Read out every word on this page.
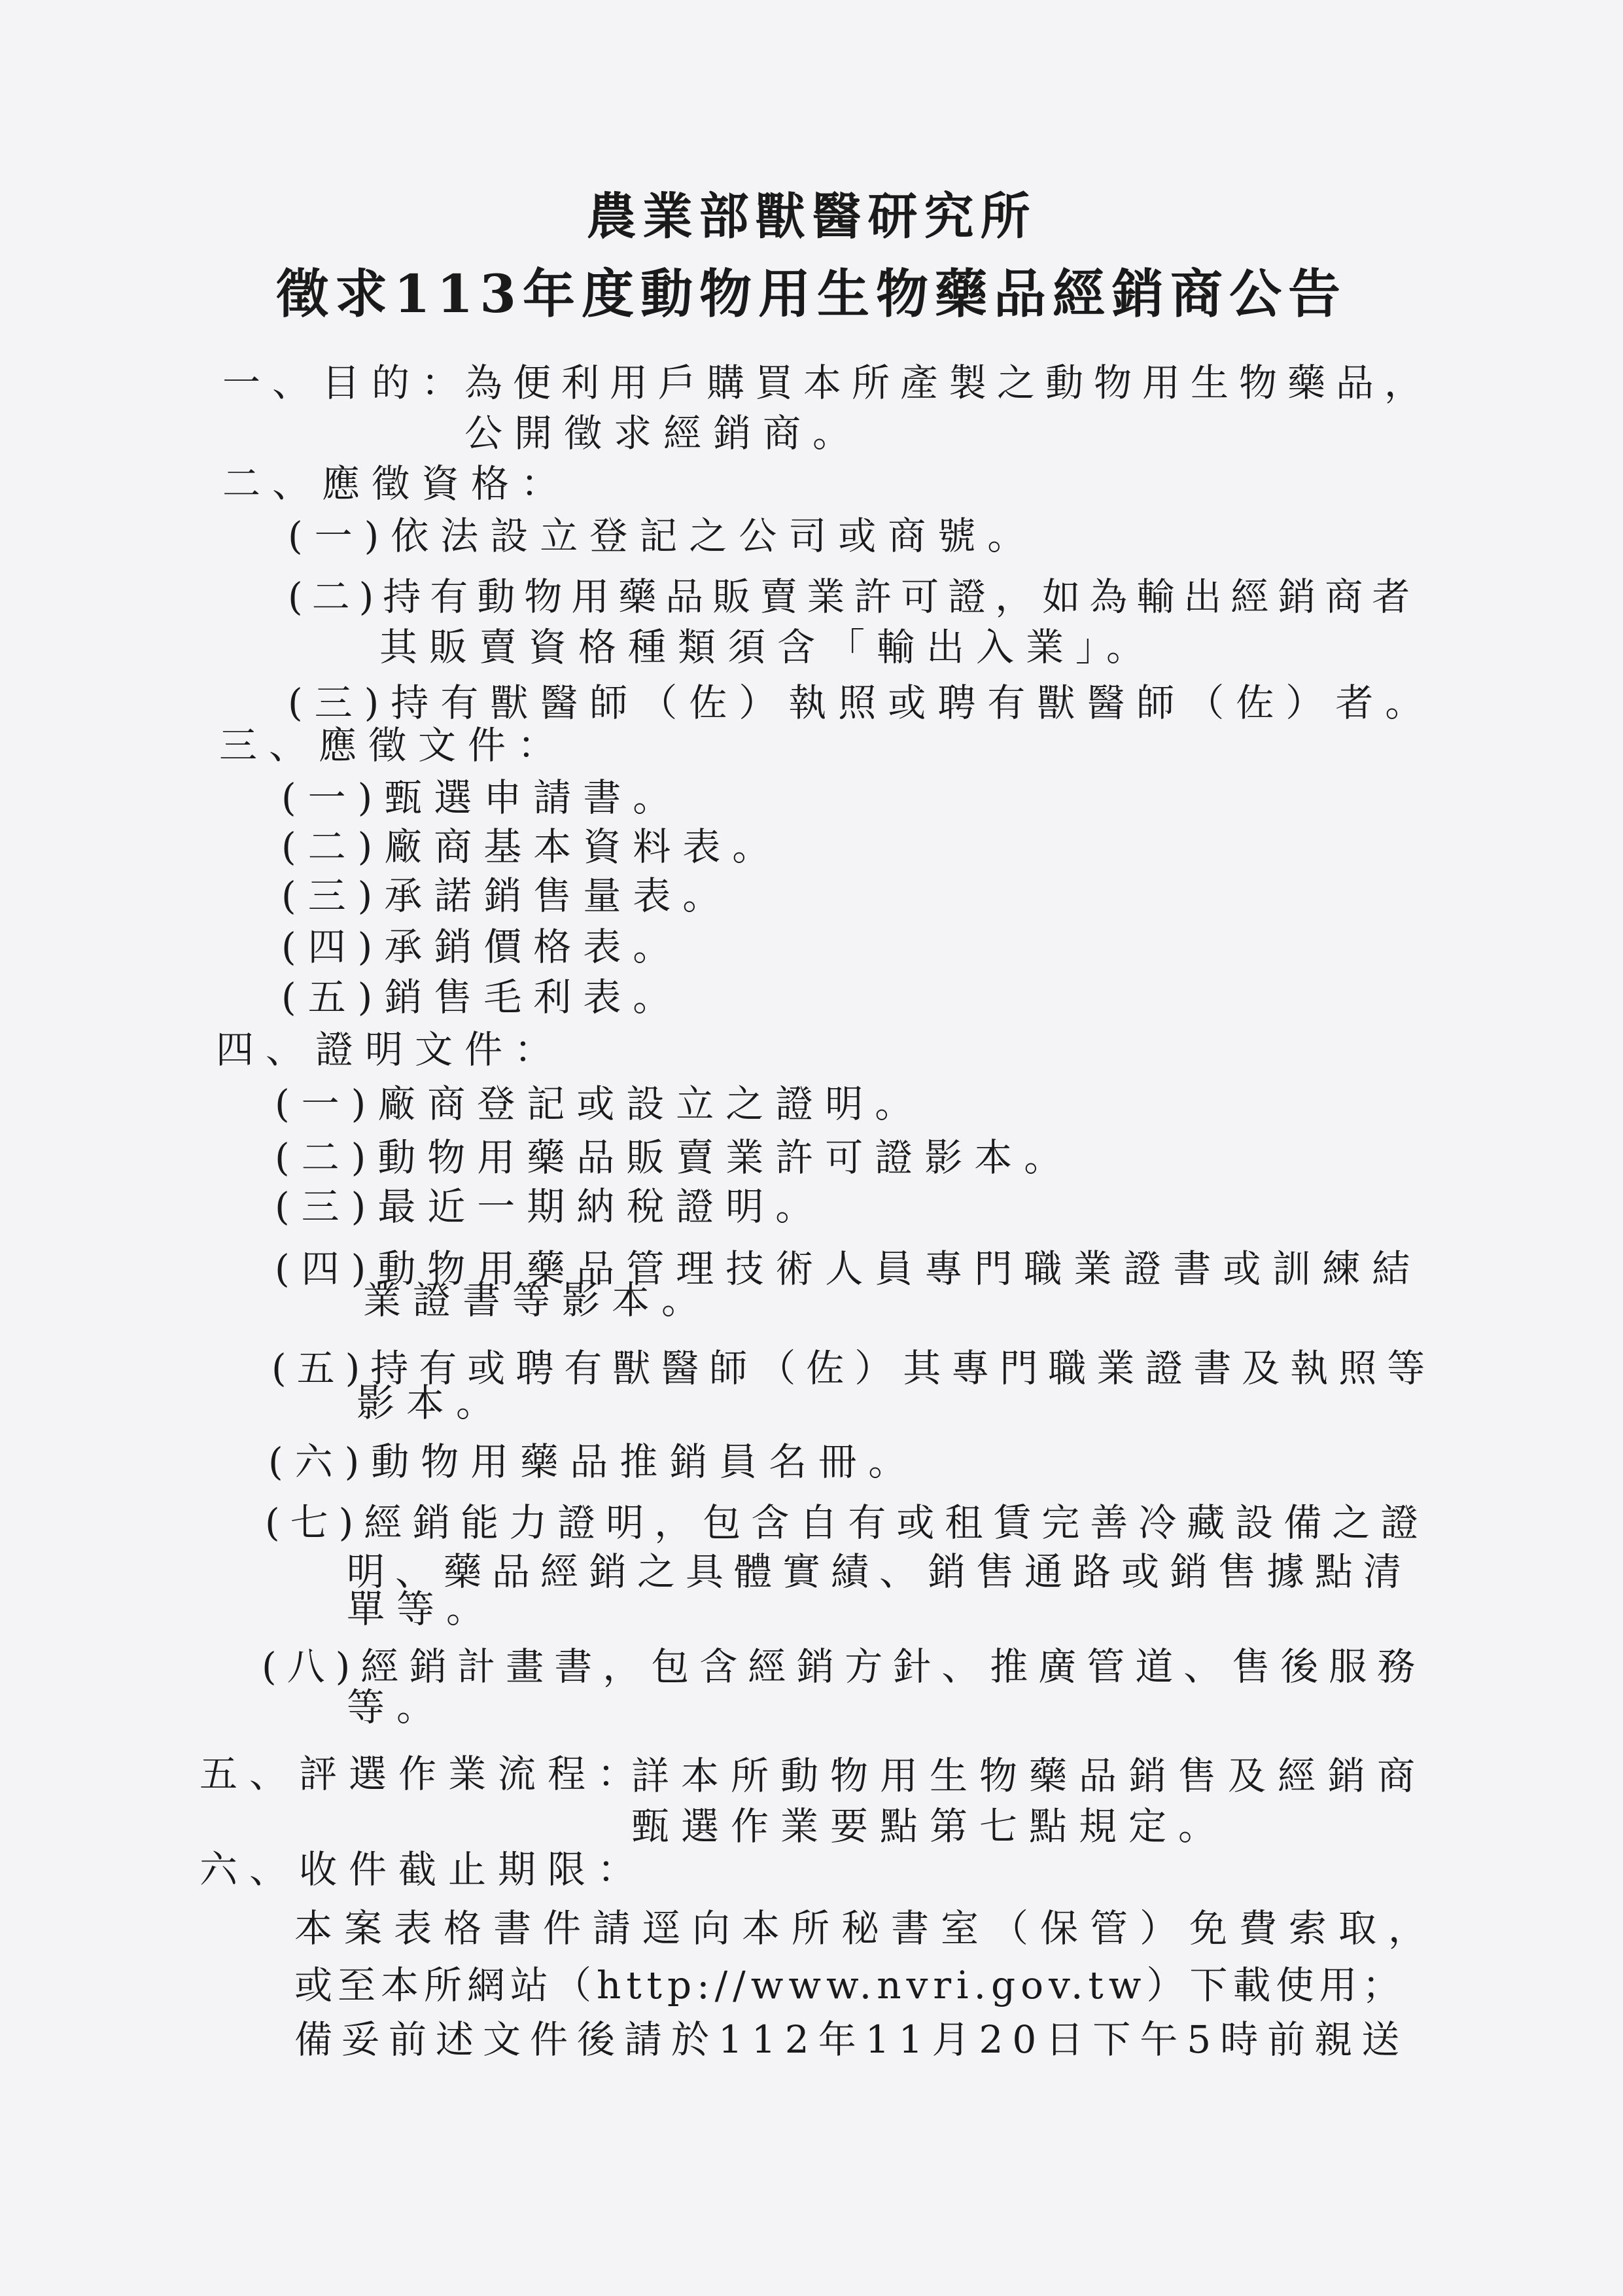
農業部獸醫研究所
徵求113年度動物用生物藥品經銷商公告
一、目的：
為便利用戶購買本所產製之動物用生物藥品，
公開徵求經銷商。
二、應徵資格：
(一)依法設立登記之公司或商號。
(二)持有動物用藥品販賣業許可證，如為輸出經銷商者
其販賣資格種類須含「輸出入業」。
(三)持有獸醫師（佐）執照或聘有獸醫師（佐）者。
三、應徵文件：
(一)甄選申請書。
(二)廠商基本資料表。
(三)承諾銷售量表。
(四)承銷價格表。
(五)銷售毛利表。
四、證明文件：
(一)廠商登記或設立之證明。
(二)動物用藥品販賣業許可證影本。
(三)最近一期納稅證明。
(四)動物用藥品管理技術人員專門職業證書或訓練結
業證書等影本。
(五)持有或聘有獸醫師（佐）其專門職業證書及執照等
影本。
(六)動物用藥品推銷員名冊。
(七)經銷能力證明，包含自有或租賃完善冷藏設備之證
明、藥品經銷之具體實績、銷售通路或銷售據點清
單等。
(八)經銷計畫書，包含經銷方針、推廣管道、售後服務
等。
五、評選作業流程：
詳本所動物用生物藥品銷售及經銷商
甄選作業要點第七點規定。
六、收件截止期限：
本案表格書件請逕向本所秘書室（保管）免費索取，
或至本所網站（http://www.nvri.gov.tw）下載使用；
備妥前述文件後請於112年11月20日下午5時前親送
